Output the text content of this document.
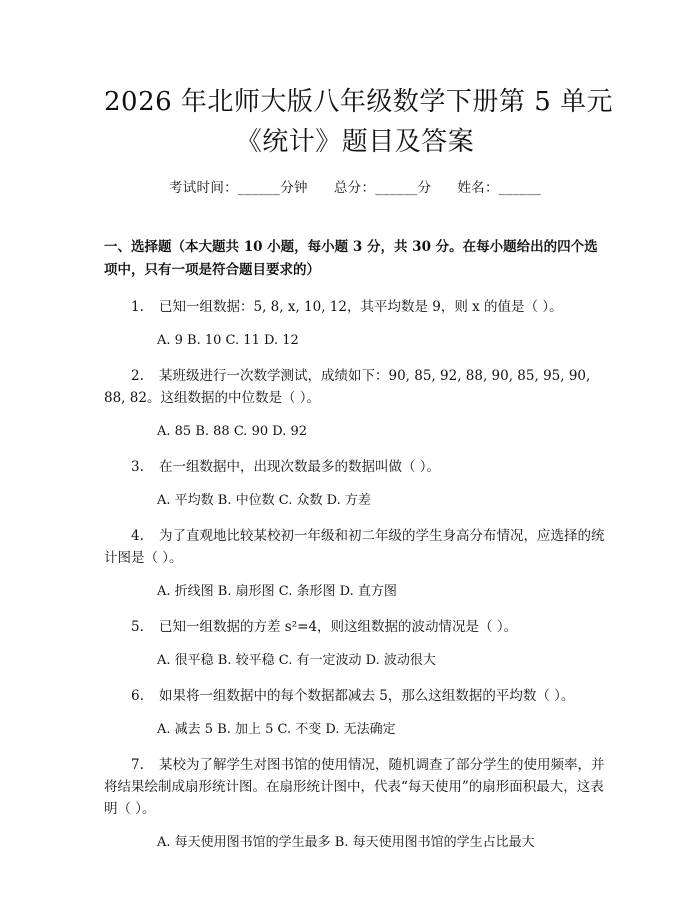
2026 年北师大版八年级数学下册第 5 单元
《统计》题目及答案
考试时间：______分钟 总分：______分 姓名：______
一、选择题（本大题共 10 小题，每小题 3 分，共 30 分。在每小题给出的四个选项中，只有一项是符合题目要求的）

1. 已知一组数据：5, 8, x, 10, 12，其平均数是 9，则 x 的值是（ ）。

A. 9 B. 10 C. 11 D. 12

2. 某班级进行一次数学测试，成绩如下：90, 85, 92, 88, 90, 85, 95, 90, 88, 82。这组数据的中位数是（ ）。

A. 85 B. 88 C. 90 D. 92

3. 在一组数据中，出现次数最多的数据叫做（ ）。

A. 平均数 B. 中位数 C. 众数 D. 方差

4. 为了直观地比较某校初一年级和初二年级的学生身高分布情况，应选择的统计图是（ ）。

A. 折线图 B. 扇形图 C. 条形图 D. 直方图

5. 已知一组数据的方差 s²=4，则这组数据的波动情况是（ ）。

A. 很平稳 B. 较平稳 C. 有一定波动 D. 波动很大

6. 如果将一组数据中的每个数据都减去 5，那么这组数据的平均数（ ）。

A. 减去 5 B. 加上 5 C. 不变 D. 无法确定

7. 某校为了解学生对图书馆的使用情况，随机调查了部分学生的使用频率，并将结果绘制成扇形统计图。在扇形统计图中，代表“每天使用”的扇形面积最大，这表明（ ）。

A. 每天使用图书馆的学生最多 B. 每天使用图书馆的学生占比最大
